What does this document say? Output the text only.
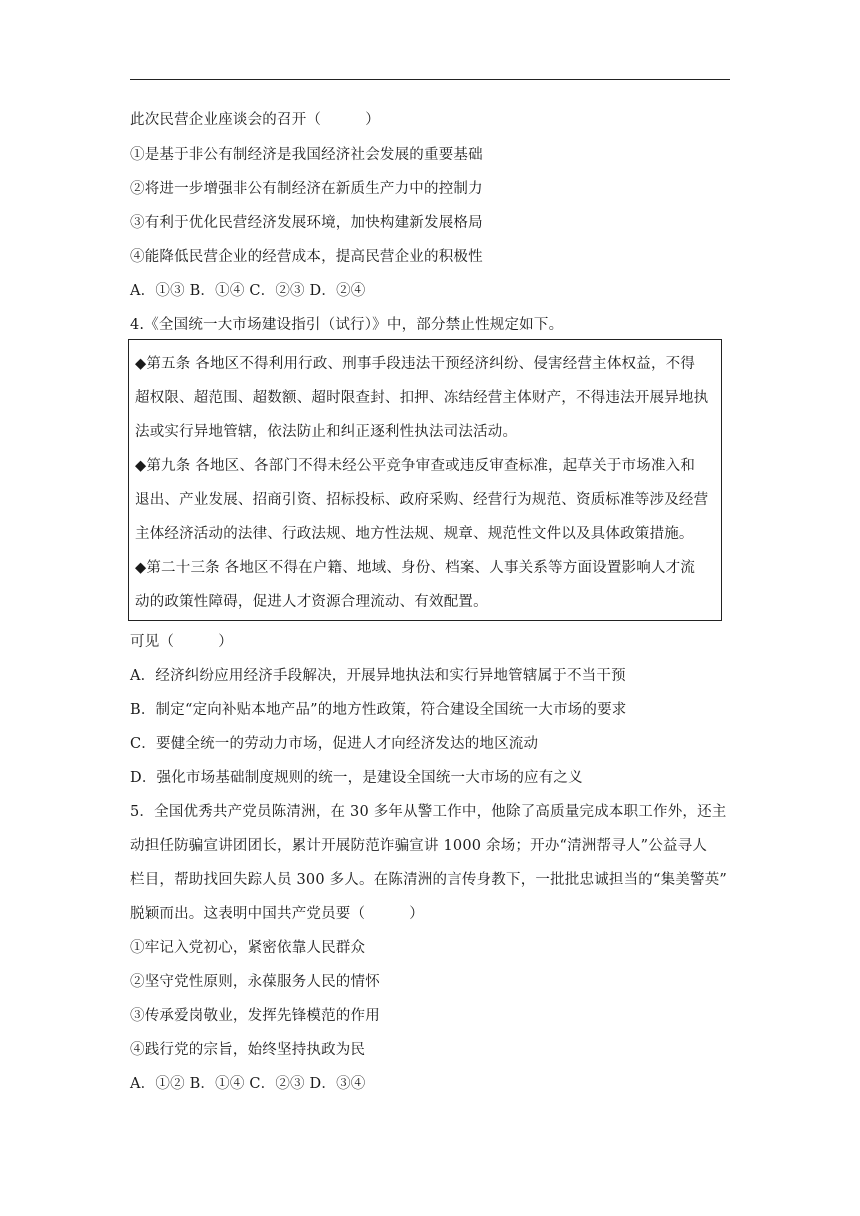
此次民营企业座谈会的召开（　　　）
①是基于非公有制经济是我国经济社会发展的重要基础
②将进一步增强非公有制经济在新质生产力中的控制力
③有利于优化民营经济发展环境，加快构建新发展格局
④能降低民营企业的经营成本，提高民营企业的积极性
A．①③ B．①④ C．②③ D．②④
4.《全国统一大市场建设指引（试行）》中，部分禁止性规定如下。
◆第五条 各地区不得利用行政、刑事手段违法干预经济纠纷、侵害经营主体权益，不得
超权限、超范围、超数额、超时限查封、扣押、冻结经营主体财产，不得违法开展异地执
法或实行异地管辖，依法防止和纠正逐利性执法司法活动。
◆第九条 各地区、各部门不得未经公平竞争审查或违反审查标准，起草关于市场准入和
退出、产业发展、招商引资、招标投标、政府采购、经营行为规范、资质标准等涉及经营
主体经济活动的法律、行政法规、地方性法规、规章、规范性文件以及具体政策措施。
◆第二十三条 各地区不得在户籍、地域、身份、档案、人事关系等方面设置影响人才流
动的政策性障碍，促进人才资源合理流动、有效配置。
可见（　　　）
A．经济纠纷应用经济手段解决，开展异地执法和实行异地管辖属于不当干预
B．制定“定向补贴本地产品”的地方性政策，符合建设全国统一大市场的要求
C．要健全统一的劳动力市场，促进人才向经济发达的地区流动
D．强化市场基础制度规则的统一，是建设全国统一大市场的应有之义
5．全国优秀共产党员陈清洲，在 30 多年从警工作中，他除了高质量完成本职工作外，还主
动担任防骗宣讲团团长，累计开展防范诈骗宣讲 1000 余场；开办“清洲帮寻人”公益寻人
栏目，帮助找回失踪人员 300 多人。在陈清洲的言传身教下，一批批忠诚担当的“集美警英”
脱颖而出。这表明中国共产党员要（　　　）
①牢记入党初心，紧密依靠人民群众
②坚守党性原则，永葆服务人民的情怀
③传承爱岗敬业，发挥先锋模范的作用
④践行党的宗旨，始终坚持执政为民
A．①② B．①④ C．②③ D．③④
